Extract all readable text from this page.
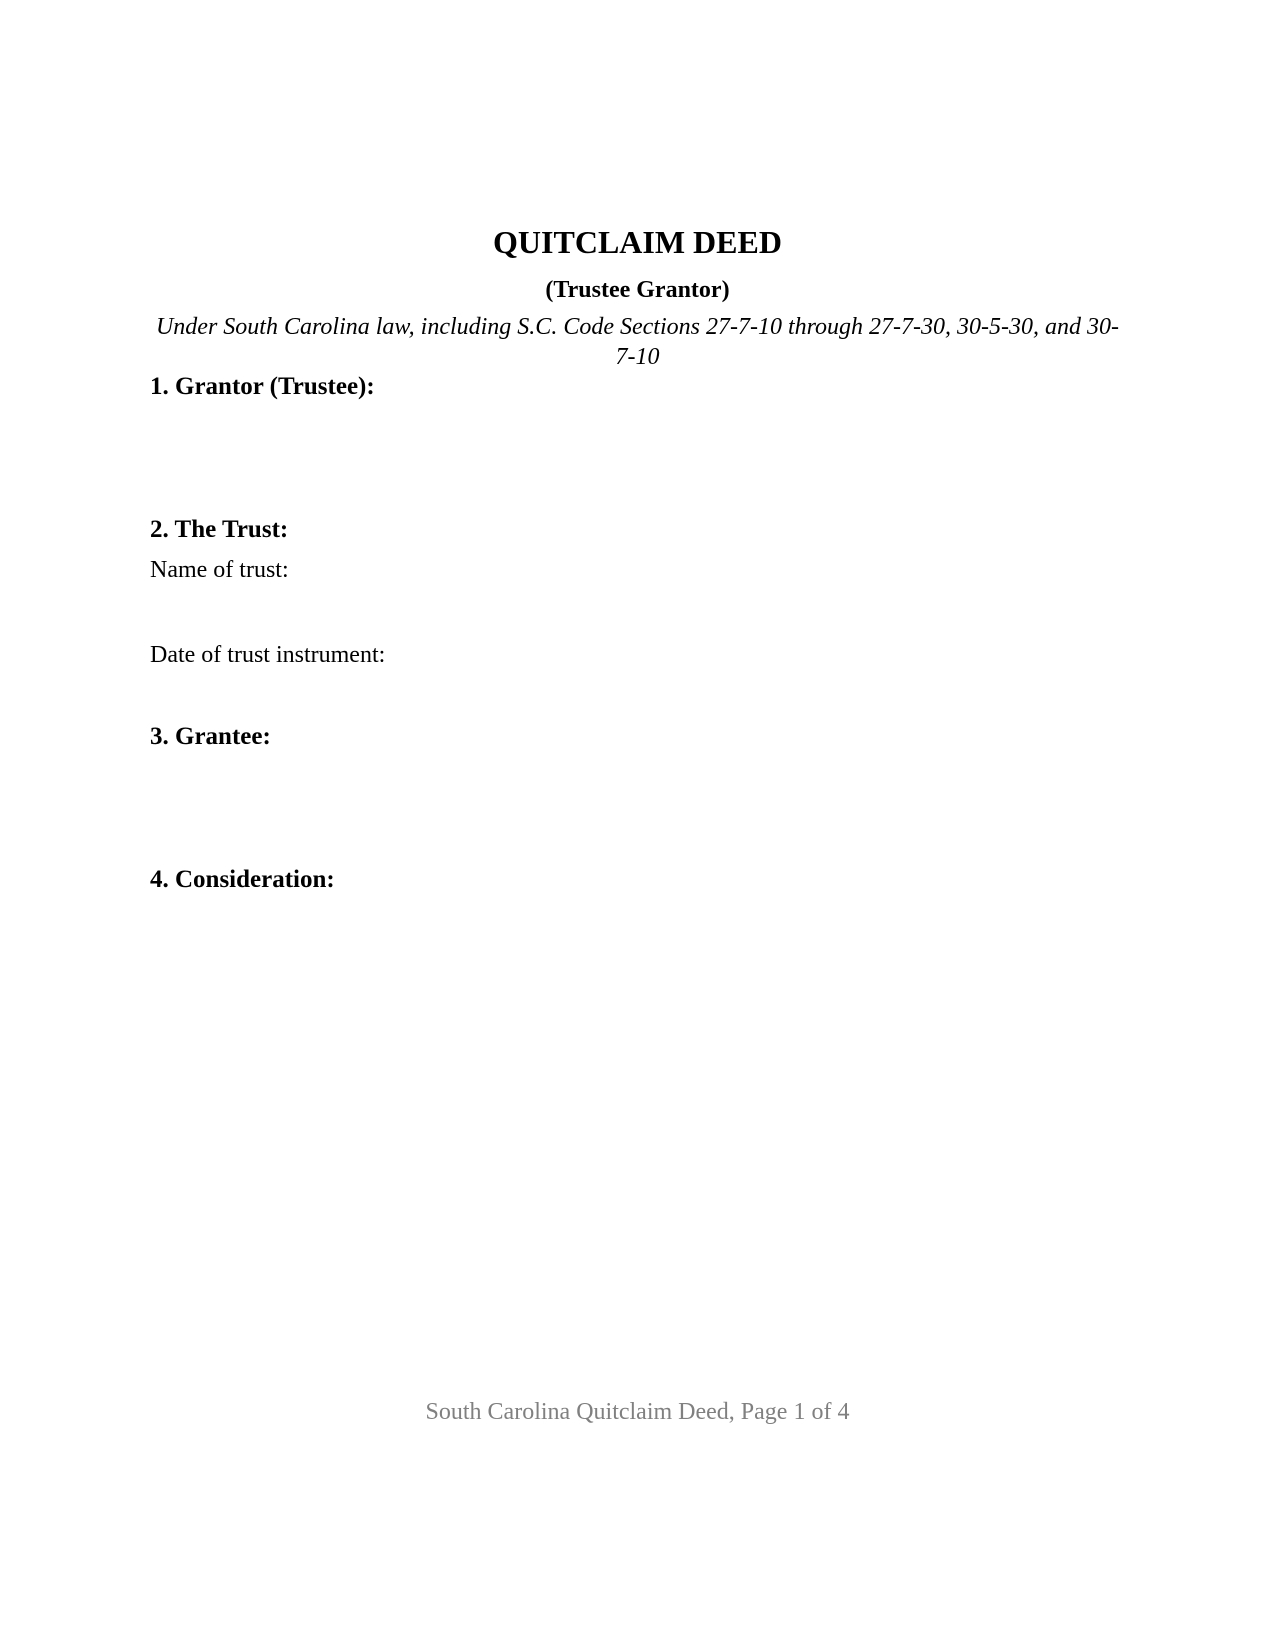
QUITCLAIM DEED
(Trustee Grantor)

Under South Carolina law, including S.C. Code Sections 27-7-10 through 27-7-30, 30-5-30, and 30-7-10

1. Grantor (Trustee):
2. The Trust:

Name of trust:

Date of trust instrument:

3. Grantee:
4. Consideration:

South Carolina Quitclaim Deed, Page 1 of 4
